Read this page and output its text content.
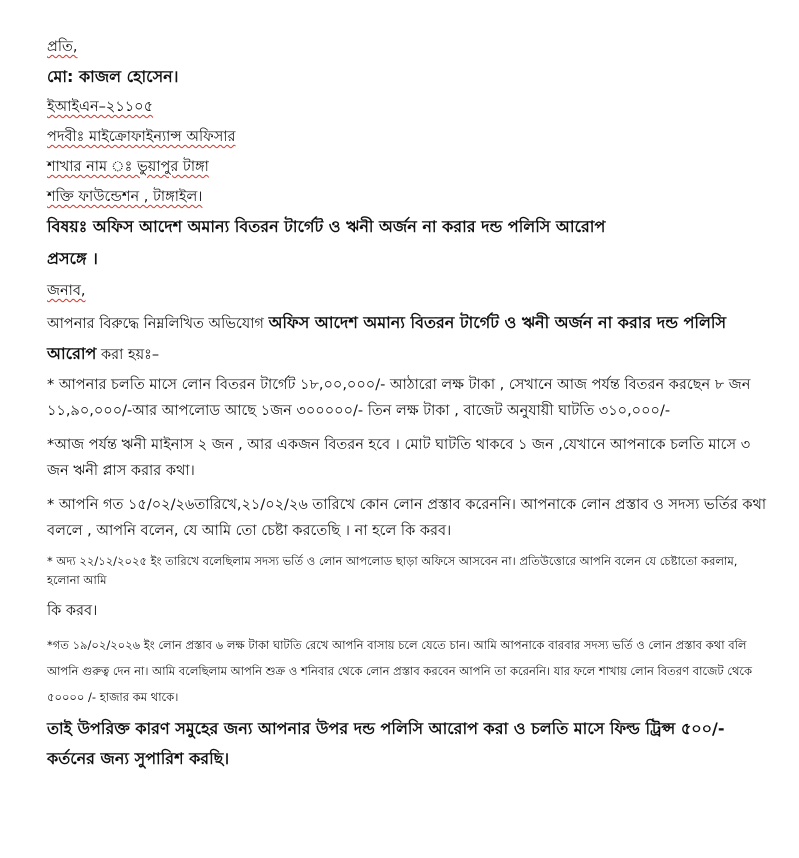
প্রতি,

মো: কাজল হোসেন।

ইআইএন–২১১০৫

পদবীঃ মাইক্রোফাইন্যান্স অফিসার

শাখার নাম ঃ ভুয়াপুর টাঙ্গা

শক্তি ফাউন্ডেশন , টাঙ্গাইল।

বিষয়ঃ অফিস আদেশ অমান্য বিতরন টার্গেট ও ঋনী অর্জন না করার দন্ড পলিসি আরোপ

প্রসঙ্গে ।

জনাব,

আপনার বিরুদ্ধে নিম্নলিখিত অভিযোগ অফিস আদেশ অমান্য বিতরন টার্গেট ও ঋনী অর্জন না করার দন্ড পলিসি আরোপ করা হয়ঃ–

* আপনার চলতি মাসে লোন বিতরন টার্গেট ১৮,০০,০০০/- আঠারো লক্ষ টাকা , সেখানে আজ পর্যন্ত বিতরন করছেন ৮ জন ১১,৯০,০০০/-আর আপলোড আছে ১জন ৩০০০০০/- তিন লক্ষ টাকা , বাজেট অনুযায়ী ঘাটতি ৩১০,০০০/-

*আজ পর্যন্ত ঋনী মাইনাস ২ জন , আর একজন বিতরন হবে । মোট ঘাটতি থাকবে ১ জন ,যেখানে আপনাকে চলতি মাসে ৩ জন ঋনী প্লাস করার কথা।

* আপনি গত ১৫/০২/২৬তারিখে,২১/০২/২৬ তারিখে কোন লোন প্রস্তাব করেননি। আপনাকে লোন প্রস্তাব ও সদস্য ভর্তির কথা বললে , আপনি বলেন, যে আমি তো চেষ্টা করতেছি । না হলে কি করব।

* অদ্য ২২/১২/২০২৫ ইং তারিখে বলেছিলাম সদস্য ভর্তি ও লোন আপলোড ছাড়া অফিসে আসবেন না। প্রতিউত্তোরে আপনি বলেন যে চেষ্টাতো করলাম, হলোনা আমি

কি করব।

*গত ১৯/০২/২০২৬ ইং লোন প্রস্তাব ৬ লক্ষ টাকা ঘাটতি রেখে আপনি বাসায় চলে যেতে চান। আমি আপনাকে বারবার সদস্য ভর্তি ও লোন প্রস্তাব কথা বলি আপনি গুরুত্ব দেন না। আমি বলেছিলাম আপনি শুক্র ও শনিবার থেকে লোন প্রস্তাব করবেন আপনি তা করেননি। যার ফলে শাখায় লোন বিতরণ বাজেট থেকে ৫০০০০ /- হাজার কম থাকে।

তাই উপরিক্ত কারণ সমুহের জন্য আপনার উপর দন্ড পলিসি আরোপ করা ও চলতি মাসে ফিল্ড ট্রিপ্স ৫০০/- কর্তনের জন্য সুপারিশ করছি।
